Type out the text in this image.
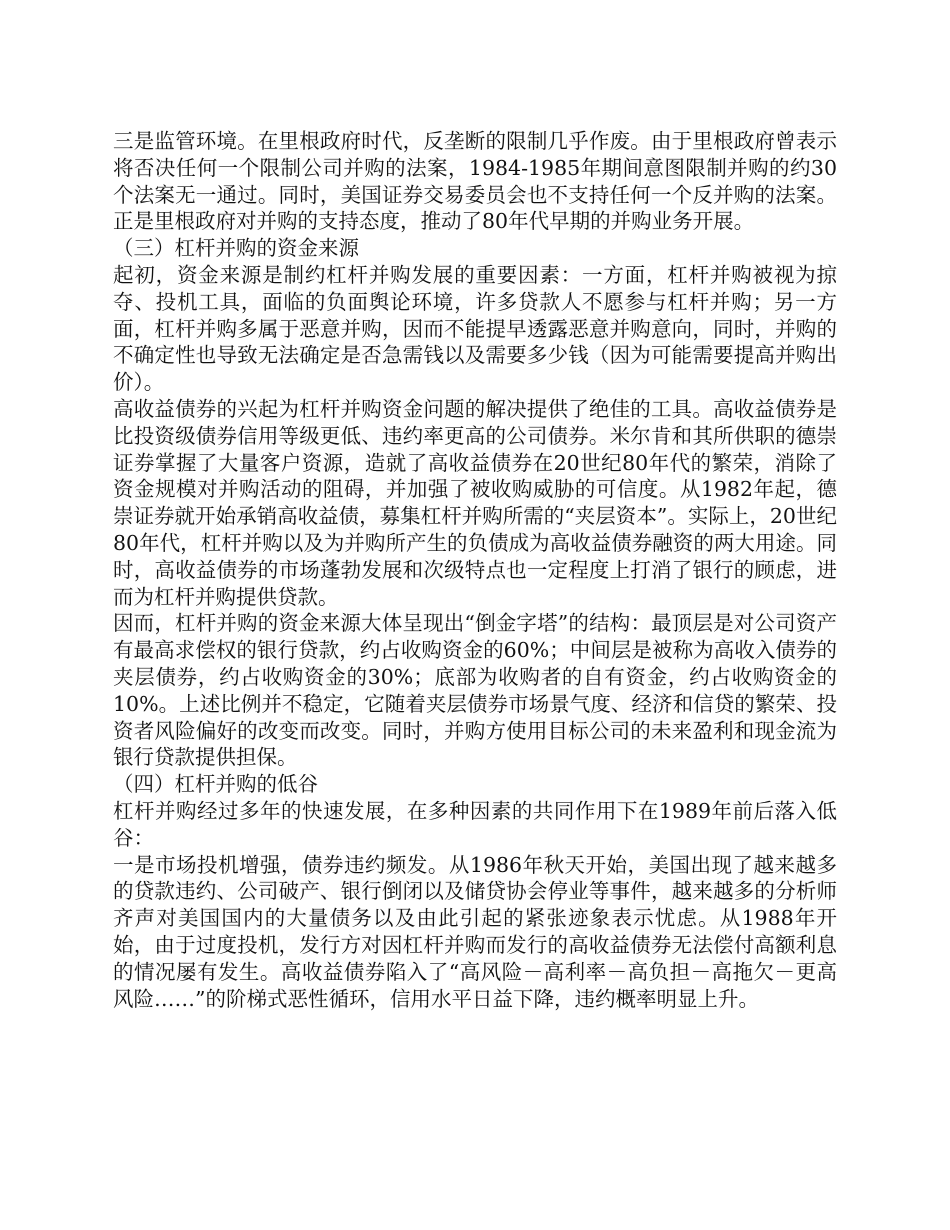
三是监管环境。在里根政府时代，反垄断的限制几乎作废。由于里根政府曾表示将否决任何一个限制公司并购的法案，1984-1985年期间意图限制并购的约30个法案无一通过。同时，美国证券交易委员会也不支持任何一个反并购的法案。正是里根政府对并购的支持态度，推动了80年代早期的并购业务开展。

（三）杠杆并购的资金来源

起初，资金来源是制约杠杆并购发展的重要因素：一方面，杠杆并购被视为掠夺、投机工具，面临的负面舆论环境，许多贷款人不愿参与杠杆并购；另一方面，杠杆并购多属于恶意并购，因而不能提早透露恶意并购意向，同时，并购的不确定性也导致无法确定是否急需钱以及需要多少钱（因为可能需要提高并购出价）。

高收益债券的兴起为杠杆并购资金问题的解决提供了绝佳的工具。高收益债券是比投资级债券信用等级更低、违约率更高的公司债券。米尔肯和其所供职的德崇证券掌握了大量客户资源，造就了高收益债券在20世纪80年代的繁荣，消除了资金规模对并购活动的阻碍，并加强了被收购威胁的可信度。从1982年起，德崇证券就开始承销高收益债，募集杠杆并购所需的“夹层资本”。实际上，20世纪80年代，杠杆并购以及为并购所产生的负债成为高收益债券融资的两大用途。同时，高收益债券的市场蓬勃发展和次级特点也一定程度上打消了银行的顾虑，进而为杠杆并购提供贷款。

因而，杠杆并购的资金来源大体呈现出“倒金字塔”的结构：最顶层是对公司资产有最高求偿权的银行贷款，约占收购资金的60%；中间层是被称为高收入债券的夹层债券，约占收购资金的30%；底部为收购者的自有资金，约占收购资金的10%。上述比例并不稳定，它随着夹层债券市场景气度、经济和信贷的繁荣、投资者风险偏好的改变而改变。同时，并购方使用目标公司的未来盈利和现金流为银行贷款提供担保。

（四）杠杆并购的低谷

杠杆并购经过多年的快速发展，在多种因素的共同作用下在1989年前后落入低谷：

一是市场投机增强，债券违约频发。从1986年秋天开始，美国出现了越来越多的贷款违约、公司破产、银行倒闭以及储贷协会停业等事件，越来越多的分析师齐声对美国国内的大量债务以及由此引起的紧张迹象表示忧虑。从1988年开始，由于过度投机，发行方对因杠杆并购而发行的高收益债券无法偿付高额利息的情况屡有发生。高收益债券陷入了“高风险－高利率－高负担－高拖欠－更高风险……”的阶梯式恶性循环，信用水平日益下降，违约概率明显上升。
